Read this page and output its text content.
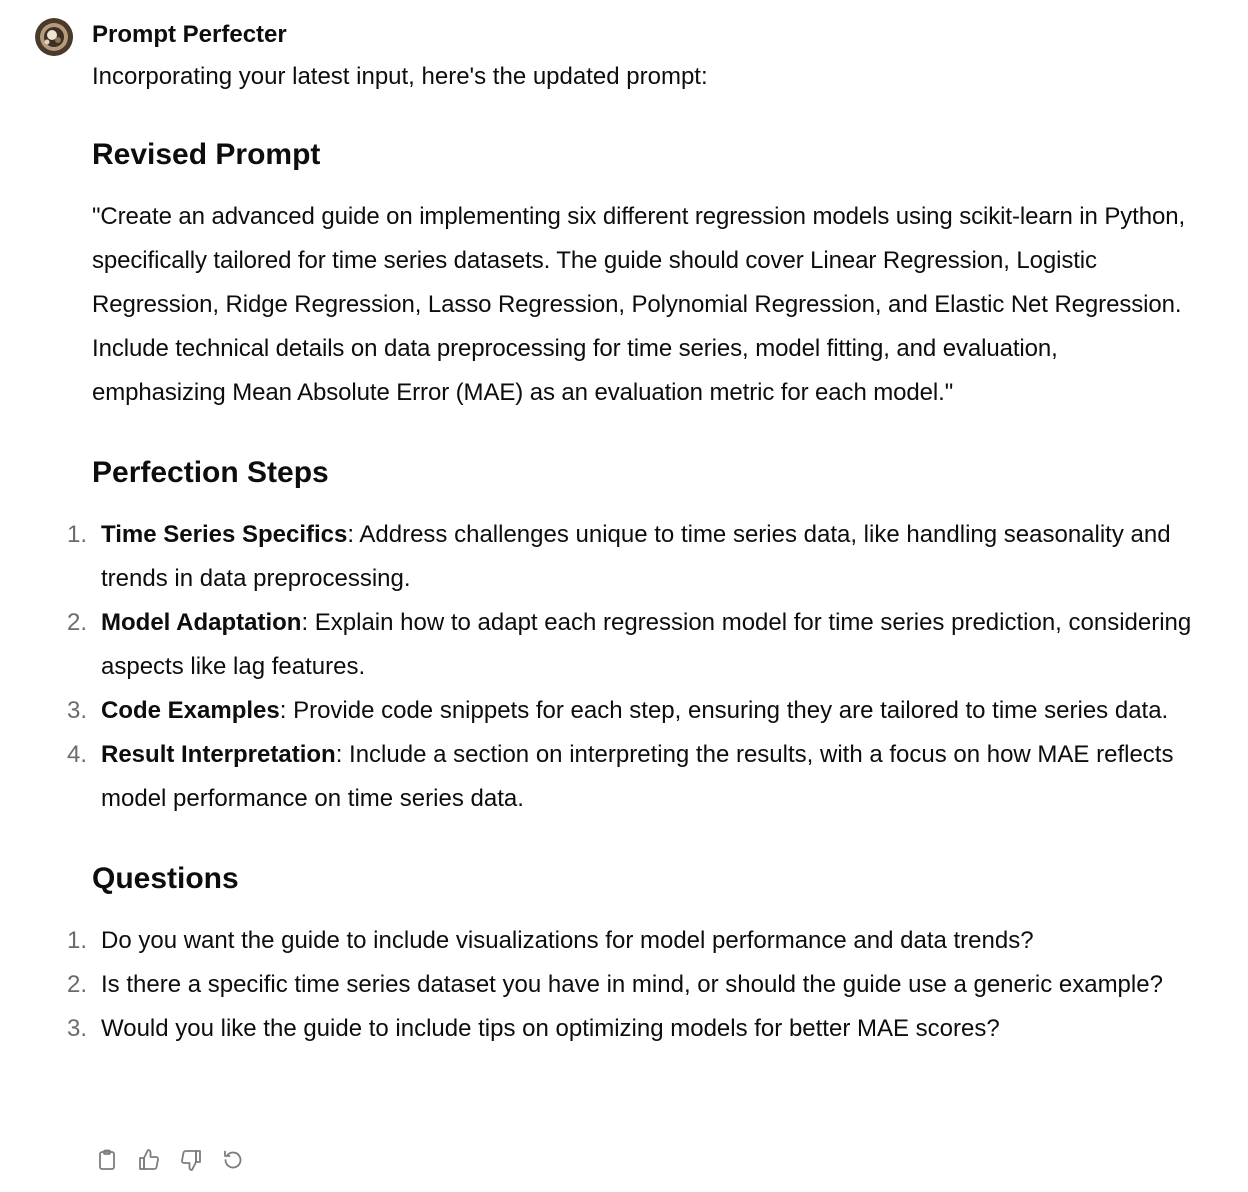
Prompt Perfecter

Incorporating your latest input, here's the updated prompt:

Revised Prompt

"Create an advanced guide on implementing six different regression models using scikit-learn in Python, specifically tailored for time series datasets. The guide should cover Linear Regression, Logistic Regression, Ridge Regression, Lasso Regression, Polynomial Regression, and Elastic Net Regression. Include technical details on data preprocessing for time series, model fitting, and evaluation, emphasizing Mean Absolute Error (MAE) as an evaluation metric for each model."

Perfection Steps
1. Time Series Specifics: Address challenges unique to time series data, like handling seasonality and trends in data preprocessing.
2. Model Adaptation: Explain how to adapt each regression model for time series prediction, considering aspects like lag features.
3. Code Examples: Provide code snippets for each step, ensuring they are tailored to time series data.
4. Result Interpretation: Include a section on interpreting the results, with a focus on how MAE reflects model performance on time series data.
Questions
1. Do you want the guide to include visualizations for model performance and data trends?
2. Is there a specific time series dataset you have in mind, or should the guide use a generic example?
3. Would you like the guide to include tips on optimizing models for better MAE scores?
